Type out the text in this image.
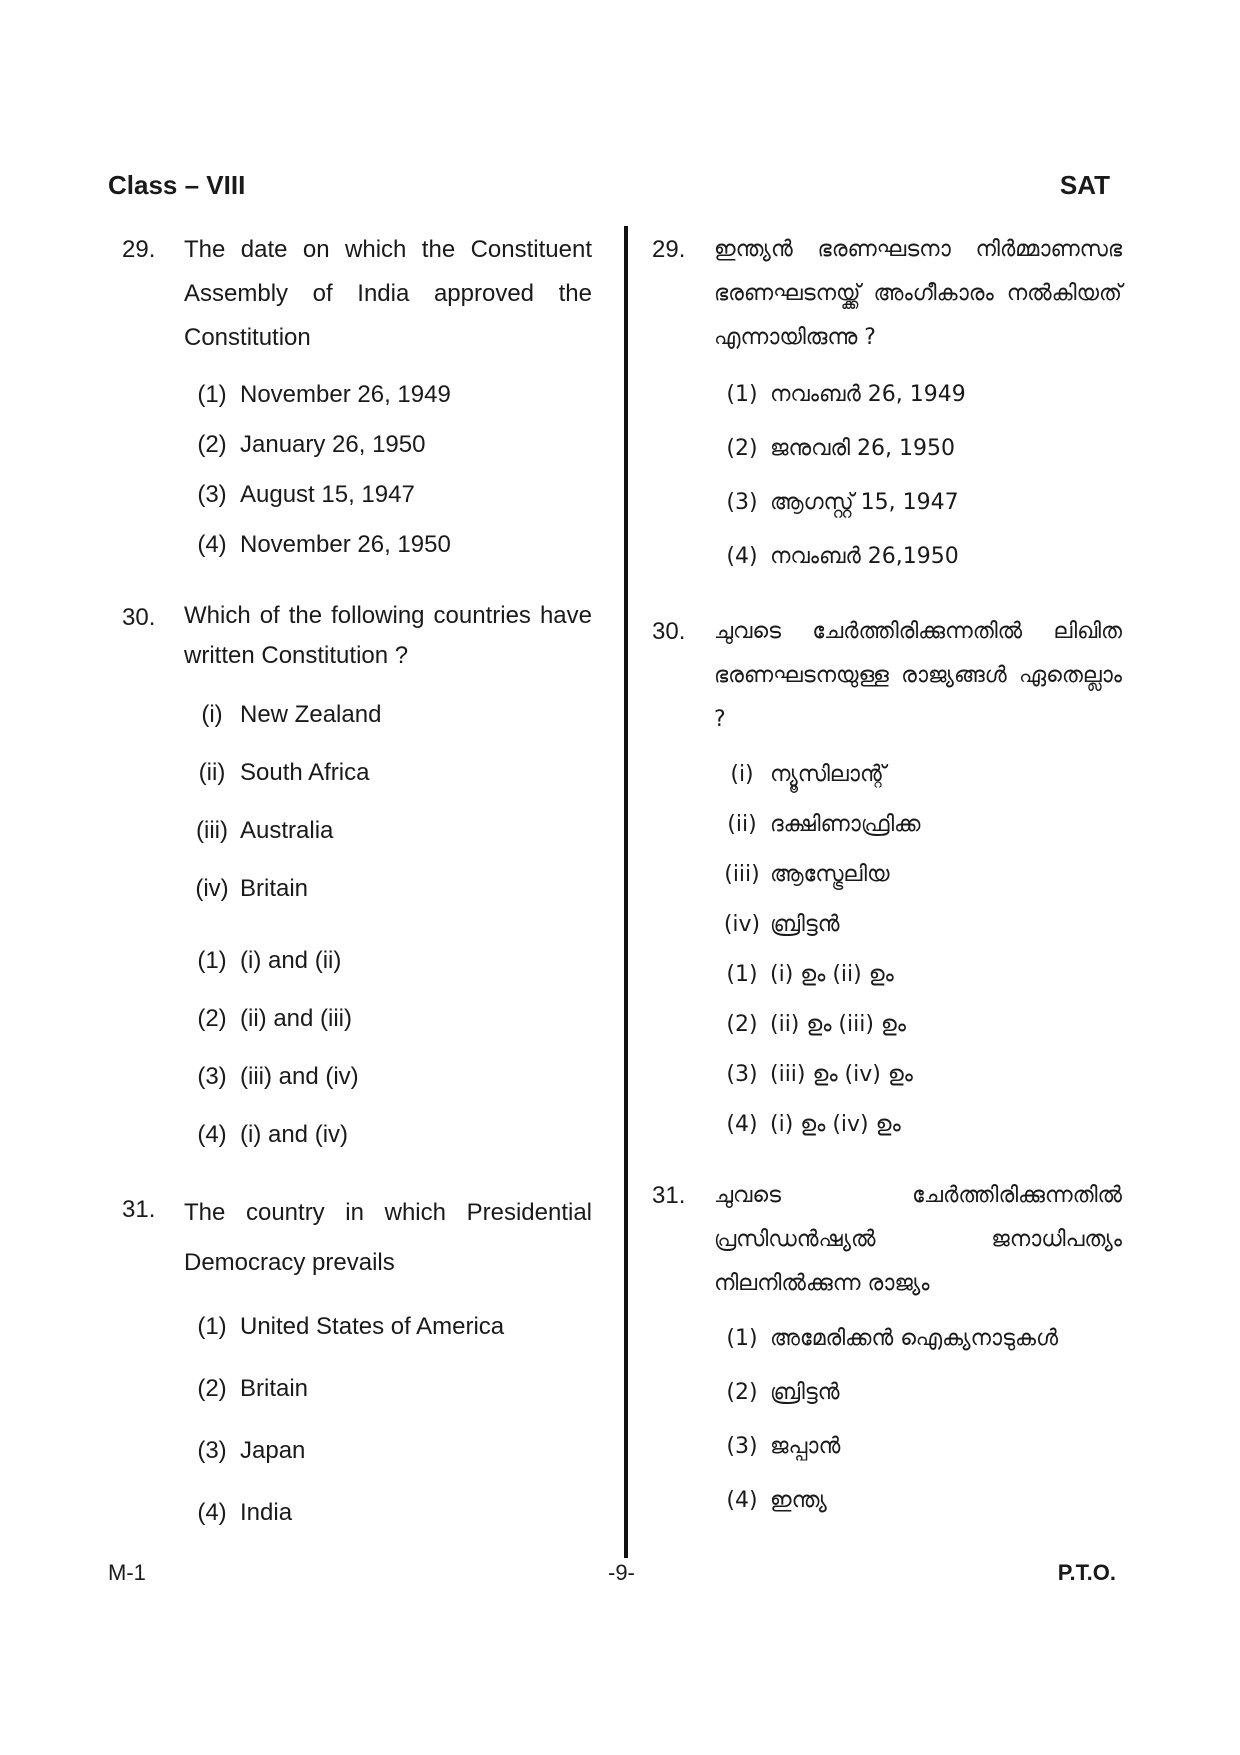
Class – VIII	SAT
29. The date on which the Constituent Assembly of India approved the Constitution
(1) November 26, 1949
(2) January 26, 1950
(3) August 15, 1947
(4) November 26, 1950
30. Which of the following countries have written Constitution ?
(i) New Zealand
(ii) South Africa
(iii) Australia
(iv) Britain
(1) (i) and (ii)
(2) (ii) and (iii)
(3) (iii) and (iv)
(4) (i) and (iv)
31. The country in which Presidential Democracy prevails
(1) United States of America
(2) Britain
(3) Japan
(4) India
29. ഇന്ത്യൻ ഭരണഘടനാ നിർമ്മാണസഭ ഭരണഘടനയ്ക്ക് അംഗീകാരം നൽകിയത് എന്നായിരുന്നു ?
(1) നവംബർ 26, 1949
(2) ജനുവരി 26, 1950
(3) ആഗസ്റ്റ് 15, 1947
(4) നവംബർ 26,1950
30. ചുവടെ ചേർത്തിരിക്കുന്നതിൽ ലിഖിത ഭരണഘടനയുള്ള രാജ്യങ്ങൾ ഏതെല്ലാം ?
(i) ന്യൂസിലാന്റ്
(ii) ദക്ഷിണാഫ്രിക്ക
(iii) ആസ്ട്രേലിയ
(iv) ബ്രിട്ടൻ
(1) (i) ഉം (ii) ഉം
(2) (ii) ഉം (iii) ഉം
(3) (iii) ഉം (iv) ഉം
(4) (i) ഉം (iv) ഉം
31. ചുവടെ ചേർത്തിരിക്കുന്നതിൽ പ്രസിഡൻഷ്യൽ ജനാധിപത്യം നിലനിൽക്കുന്ന രാജ്യം
(1) അമേരിക്കൻ ഐക്യനാടുകൾ
(2) ബ്രിട്ടൻ
(3) ജപ്പാൻ
(4) ഇന്ത്യ
M-1	-9-	P.T.O.
